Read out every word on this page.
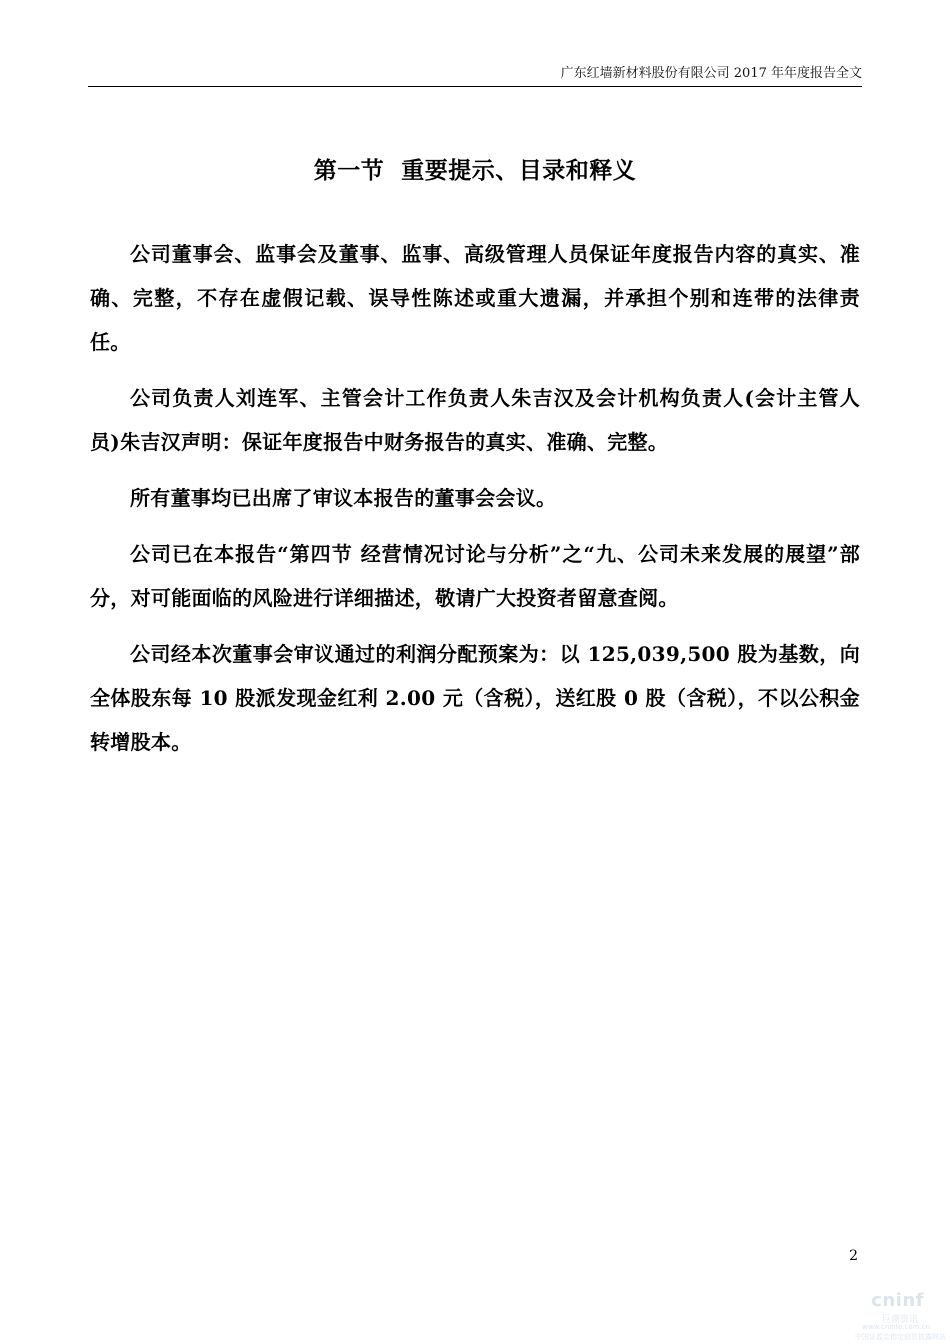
广东红墙新材料股份有限公司 2017 年年度报告全文
第一节  重要提示、目录和释义

公司董事会、监事会及董事、监事、高级管理人员保证年度报告内容的真实、准确、完整，不存在虚假记载、误导性陈述或重大遗漏，并承担个别和连带的法律责任。

公司负责人刘连军、主管会计工作负责人朱吉汉及会计机构负责人(会计主管人员)朱吉汉声明：保证年度报告中财务报告的真实、准确、完整。

所有董事均已出席了审议本报告的董事会会议。

公司已在本报告“第四节 经营情况讨论与分析”之“九、公司未来发展的展望”部分，对可能面临的风险进行详细描述，敬请广大投资者留意查阅。

公司经本次董事会审议通过的利润分配预案为：以 125,039,500 股为基数，向全体股东每 10 股派发现金红利 2.00 元（含税），送红股 0 股（含税），不以公积金转增股本。

2
cninf
巨潮资讯
www.cninfo.com.cn
中国证监会指定信息披露网站
